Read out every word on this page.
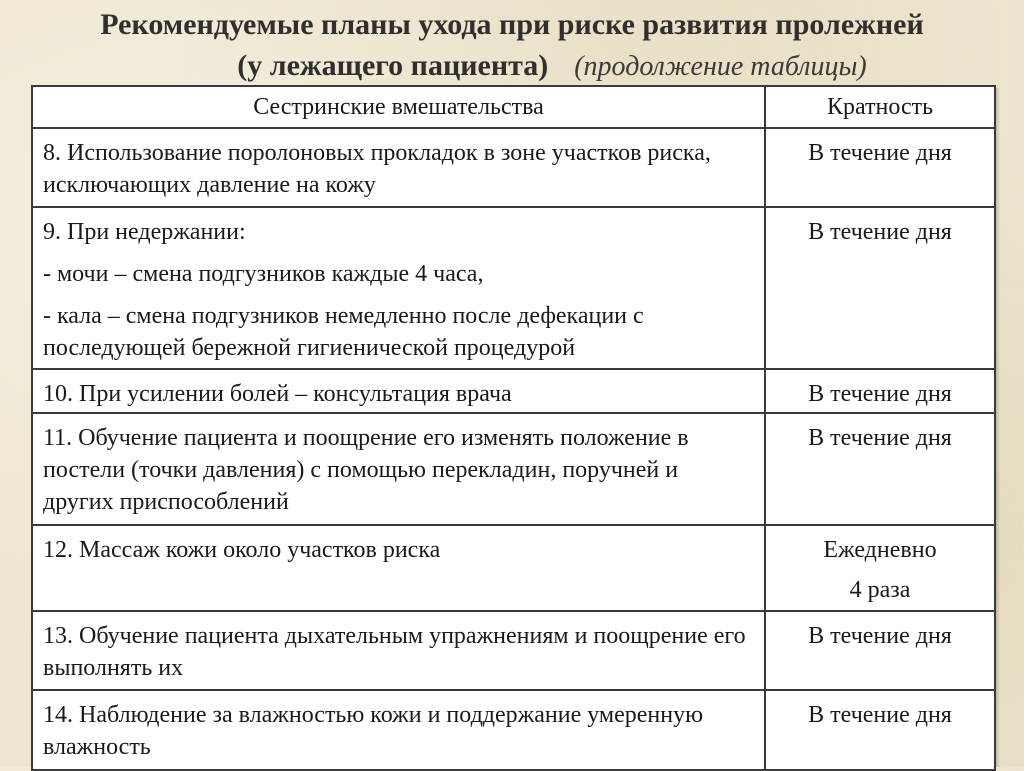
Рекомендуемые планы ухода при риске развития пролежней
(у лежащего пациента) (продолжение таблицы)
Сестринские вмешательства	Кратность

8. Использование поролоновых прокладок в зоне участков риска, исключающих давление на кожу	В течение дня

9. При недержании:
- мочи – смена подгузников каждые 4 часа,
- кала – смена подгузников немедленно после дефекации с последующей бережной гигиенической процедурой	В течение дня

10. При усилении болей – консультация врача	В течение дня

11. Обучение пациента и поощрение его изменять положение в постели (точки давления) с помощью перекладин, поручней и других приспособлений	В течение дня

12. Массаж кожи около участков риска	Ежедневно
4 раза

13. Обучение пациента дыхательным упражнениям и поощрение его выполнять их	В течение дня

14. Наблюдение за влажностью кожи и поддержание умеренную влажность	В течение дня
